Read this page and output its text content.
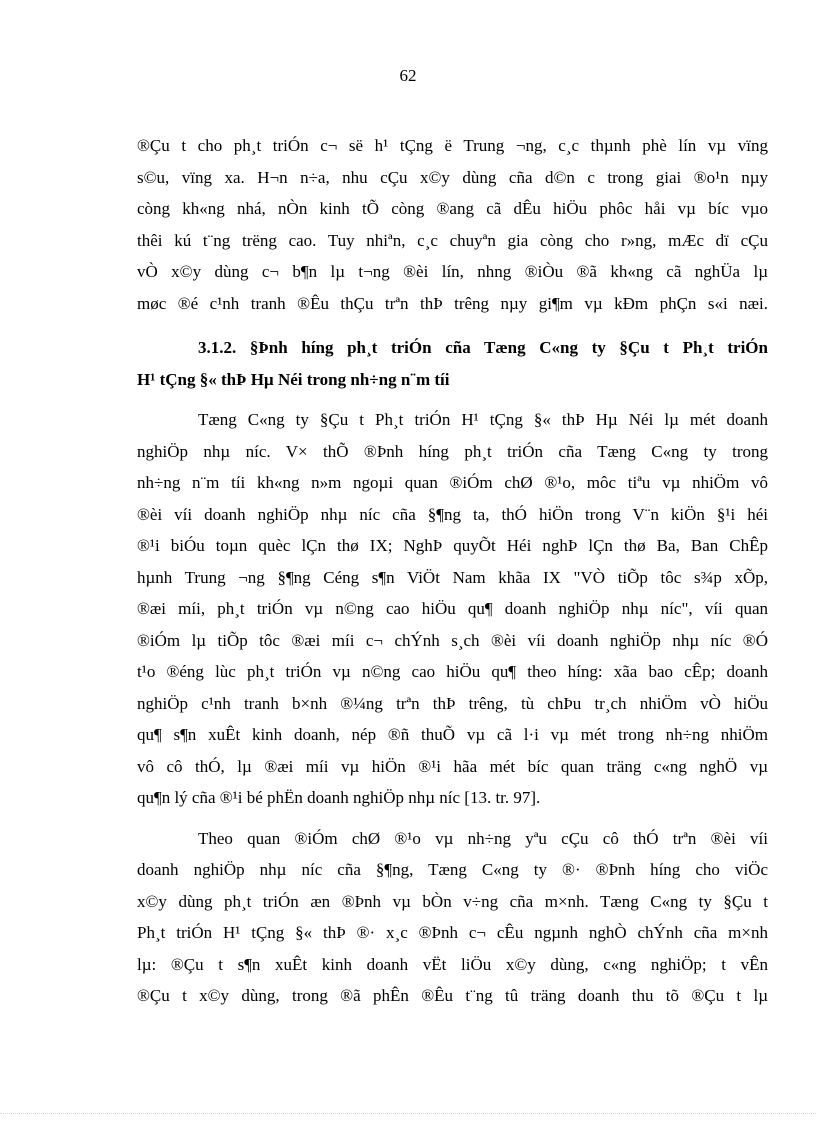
62
®Çu t cho ph¸t triÓn c¬ së h¹ tÇng ë Trung ¬ng, c¸c thµnh phè lín vµ vïng
s©u, vïng xa. H¬n n÷a, nhu cÇu x©y dùng cña d©n c trong giai ®o¹n nµy
còng kh«ng nhá, nÒn kinh tÕ còng ®ang cã dÊu hiÖu phôc håi vµ bíc vµo
thêi kú t¨ng trëng cao. Tuy nhiªn, c¸c chuyªn gia còng cho r»ng, mÆc dï cÇu
vÒ x©y dùng c¬ b¶n lµ t¬ng ®èi lín, nhng ®iÒu ®ã kh«ng cã nghÜa lµ
møc ®é c¹nh tranh ®Êu thÇu trªn thÞ trêng nµy gi¶m vµ kÐm phÇn s«i næi.
3.1.2. §Þnh híng ph¸t triÓn cña Tæng C«ng ty §Çu t Ph¸t triÓn
H¹ tÇng §« thÞ Hµ Néi trong nh÷ng n¨m tíi
Tæng C«ng ty §Çu t Ph¸t triÓn H¹ tÇng §« thÞ Hµ Néi lµ mét doanh
nghiÖp nhµ níc. V× thÕ ®Þnh híng ph¸t triÓn cña Tæng C«ng ty trong
nh÷ng n¨m tíi kh«ng n»m ngoµi quan ®iÓm chØ ®¹o, môc tiªu vµ nhiÖm vô
®èi víi doanh nghiÖp nhµ níc cña §¶ng ta, thÓ hiÖn trong V¨n kiÖn §¹i héi
®¹i biÓu toµn quèc lÇn thø IX; NghÞ quyÕt Héi nghÞ lÇn thø Ba, Ban ChÊp
hµnh Trung ¬ng §¶ng Céng s¶n ViÖt Nam khãa IX "VÒ tiÕp tôc s¾p xÕp,
®æi míi, ph¸t triÓn vµ n©ng cao hiÖu qu¶ doanh nghiÖp nhµ níc", víi quan
®iÓm lµ tiÕp tôc ®æi míi c¬ chÝnh s¸ch ®èi víi doanh nghiÖp nhµ níc ®Ó
t¹o ®éng lùc ph¸t triÓn vµ n©ng cao hiÖu qu¶ theo híng: xãa bao cÊp; doanh
nghiÖp c¹nh tranh b×nh ®¼ng trªn thÞ trêng, tù chÞu tr¸ch nhiÖm vÒ hiÖu
qu¶ s¶n xuÊt kinh doanh, nép ®ñ thuÕ vµ cã l·i vµ mét trong nh÷ng nhiÖm
vô cô thÓ, lµ ®æi míi vµ hiÖn ®¹i hãa mét bíc quan träng c«ng nghÖ vµ
qu¶n lý cña ®¹i bé phËn doanh nghiÖp nhµ níc [13. tr. 97].
Theo quan ®iÓm chØ ®¹o vµ nh÷ng yªu cÇu cô thÓ trªn ®èi víi
doanh nghiÖp nhµ níc cña §¶ng, Tæng C«ng ty ®· ®Þnh híng cho viÖc
x©y dùng ph¸t triÓn æn ®Þnh vµ bÒn v÷ng cña m×nh. Tæng C«ng ty §Çu t
Ph¸t triÓn H¹ tÇng §« thÞ ®· x¸c ®Þnh c¬ cÊu ngµnh nghÒ chÝnh cña m×nh
lµ: ®Çu t s¶n xuÊt kinh doanh vËt liÖu x©y dùng, c«ng nghiÖp; t vÊn
®Çu t x©y dùng, trong ®ã phÊn ®Êu t¨ng tû träng doanh thu tõ ®Çu t lµ
